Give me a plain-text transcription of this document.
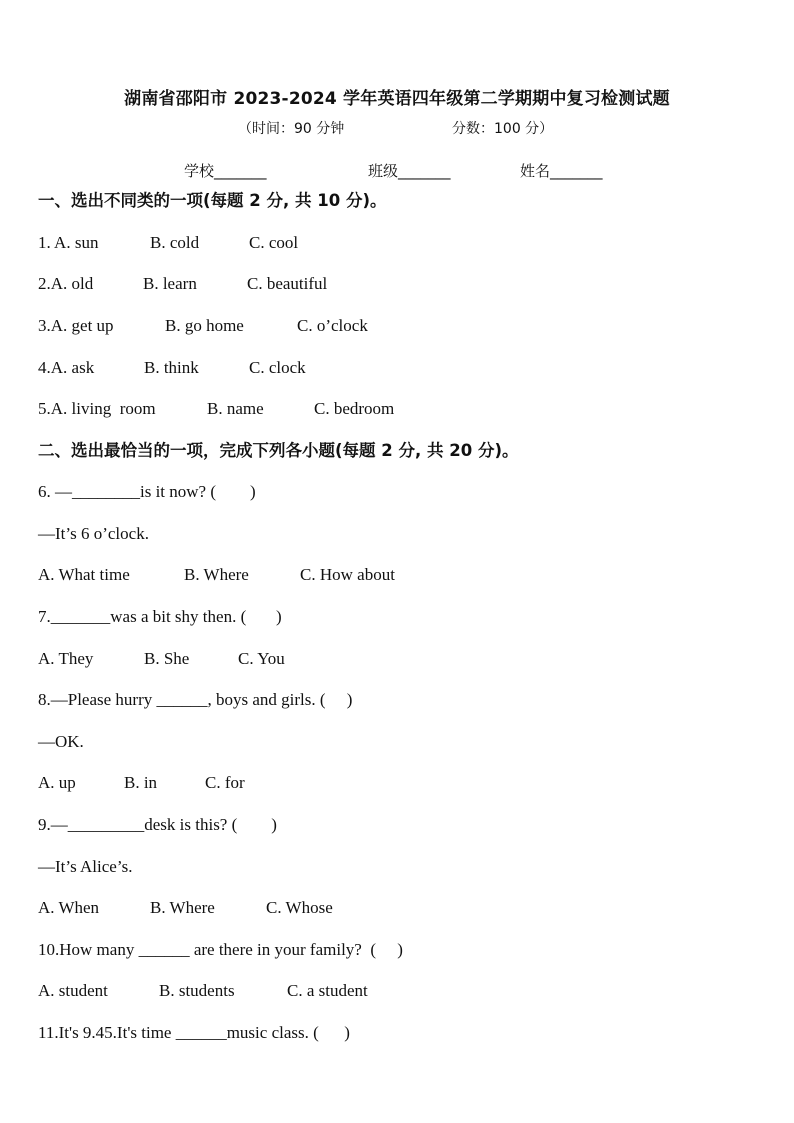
湖南省邵阳市 2023-2024 学年英语四年级第二学期期中复习检测试题
（时间：90 分钟	分数：100 分）
学校_______	班级_______	姓名_______
一、选出不同类的一项(每题 2 分, 共 10 分)。
1. A. sun	B. cold	C. cool
2.A. old	B. learn	C. beautiful
3.A. get up	B. go home	C. o’clock
4.A. ask	B. think	C. clock
5.A. living  room	B. name	C. bedroom
二、选出最恰当的一项，完成下列各小题(每题 2 分, 共 20 分)。
6. —________is it now? (        )
—It’s 6 o’clock.
A. What time	B. Where	C. How about
7._______was a bit shy then. (       )
A. They	B. She	C. You
8.—Please hurry ______, boys and girls. (     )
—OK.
A. up	B. in	C. for
9.—_________desk is this? (        )
—It’s Alice’s.
A. When	B. Where	C. Whose
10.How many ______ are there in your family?  (     )
A. student	B. students	C. a student
11.It's 9.45.It's time ______music class. (      )
